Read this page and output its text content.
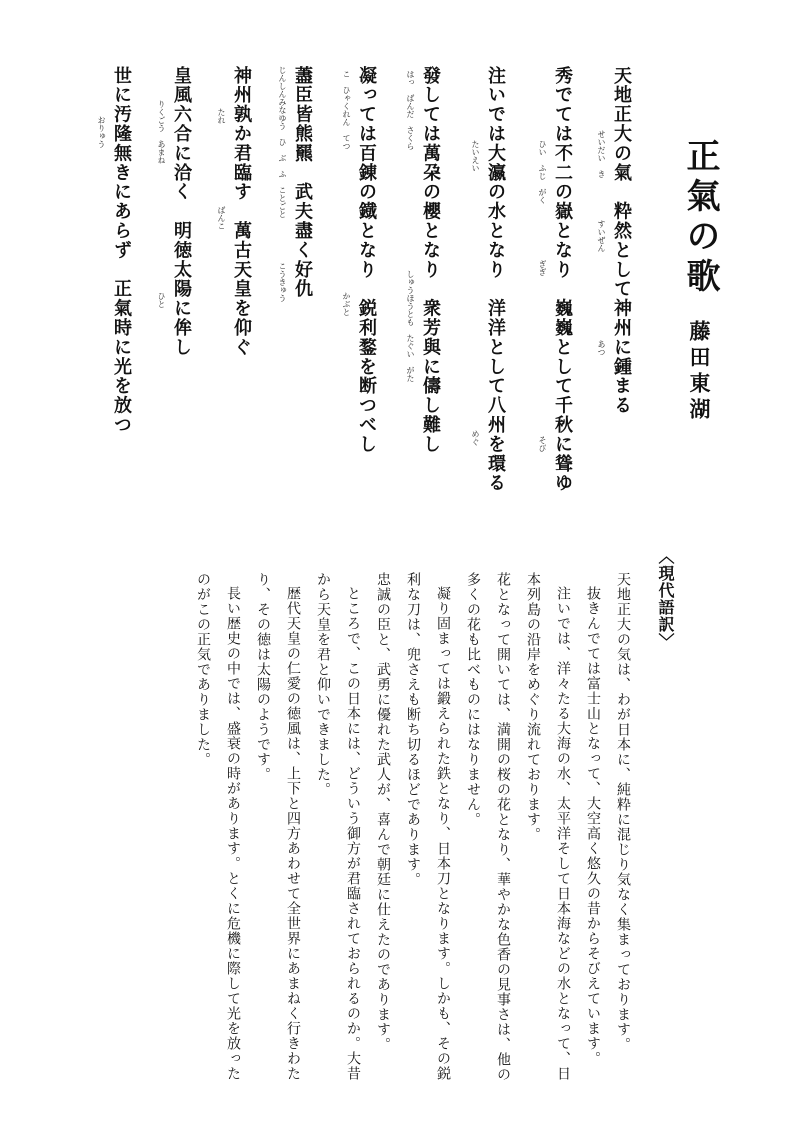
正氣の歌
藤田東湖
天地正大の氣　粋然として神州に鍾まる
秀でては不二の嶽となり　巍巍として千秋に聳ゆ
注いでは大瀛の水となり　洋洋として八州を環る
發しては萬朶の櫻となり　衆芳與に儔し難し
凝っては百錬の鐡となり　鋭利鍪を断つべし
藎臣皆熊羆　武夫盡く好仇
神州孰か君臨す　萬古天皇を仰ぐ
皇風六合に洽く　明徳太陽に侔し
世に汚隆無きにあらず　正氣時に光を放つ	せいだい　き
すいぜん
あつ
ひい　ふじ　がく
ぎぎ
そび
たいえい
めぐ
はっ　ばんだ　さくら
しゅうほうとも　たぐい　がた
こ　ひゃくれん　てつ
かぶと
じんしんみなゆう　ひ　ぶ　ふ　ことごと
こうきゅう
たれ
ばんこ
りくごう　あまね
ひと
おりゅう
〈現代語訳〉

天地正大の気は、わが日本に、純粋に混じり気なく集まっております。

抜きんでては富士山となって、大空高く悠久の昔からそびえています。

注いでは、洋々たる大海の水、太平洋そして日本海などの水となって、日本列島の沿岸をめぐり流れております。

花となって開いては、満開の桜の花となり、華やかな色香の見事さは、他の多くの花も比べものにはなりません。

凝り固まっては鍛えられた鉄となり、日本刀となります。しかも、その鋭利な刀は、兜さえも断ち切るほどであります。

忠誠の臣と、武勇に優れた武人が、喜んで朝廷に仕えたのであります。

ところで、この日本には、どういう御方が君臨されておられるのか。大昔から天皇を君と仰いできました。

歴代天皇の仁愛の徳風は、上下と四方あわせて全世界にあまねく行きわたり、その徳は太陽のようです。

長い歴史の中では、盛衰の時があります。とくに危機に際して光を放ったのがこの正気でありました。
